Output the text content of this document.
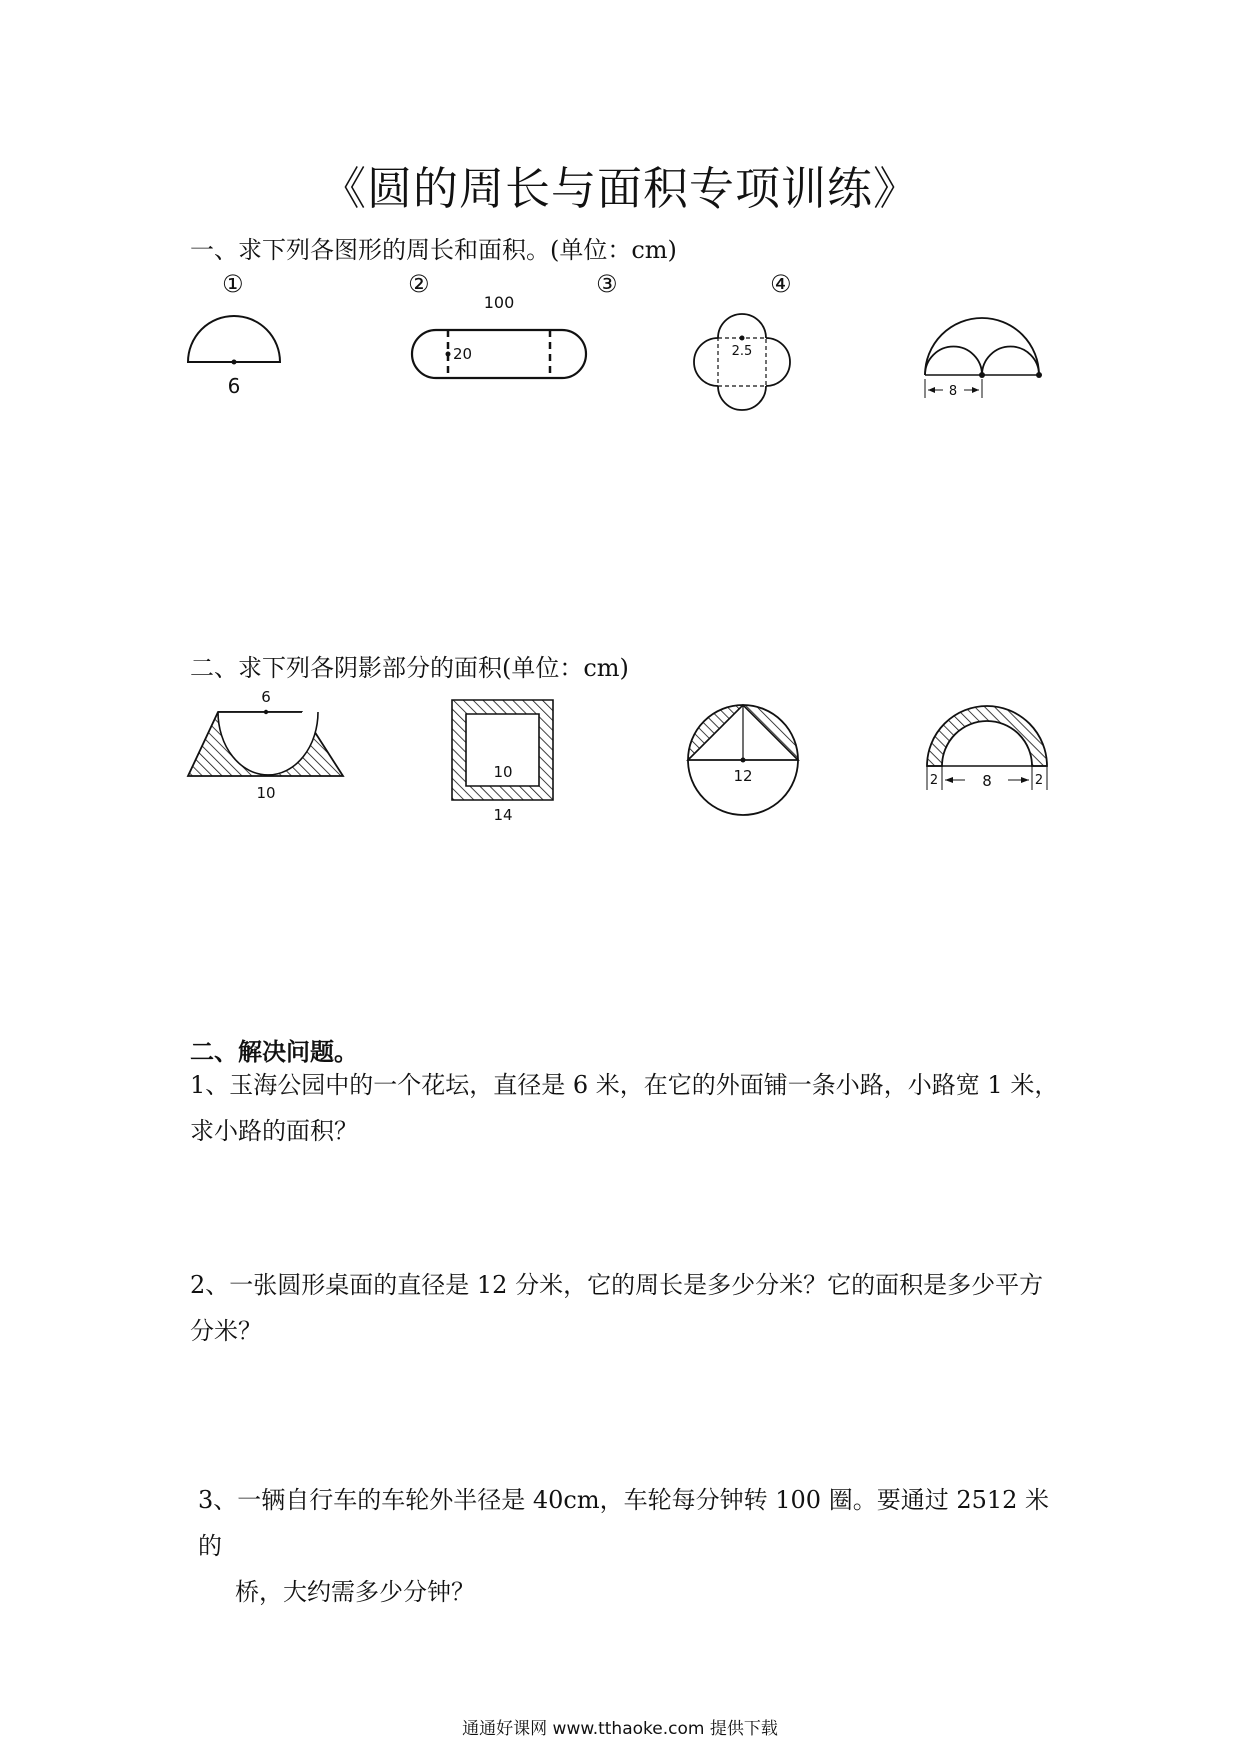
《圆的周长与面积专项训练》
一、求下列各图形的周长和面积。(单位：cm)
①	②	③	④
6
100
20	2.5
8
6
10
10
14
12	2	8	2
二、求下列各阴影部分的面积(单位：cm)
二、解决问题。
1、玉海公园中的一个花坛，直径是 6 米，在它的外面铺一条小路，小路宽 1 米，
求小路的面积？
2、一张圆形桌面的直径是 12 分米，它的周长是多少分米？它的面积是多少平方
分米？
3、一辆自行车的车轮外半径是 40cm，车轮每分钟转 100 圈。要通过 2512 米的
桥，大约需多少分钟？
通通好课网 www.tthaoke.com 提供下载
